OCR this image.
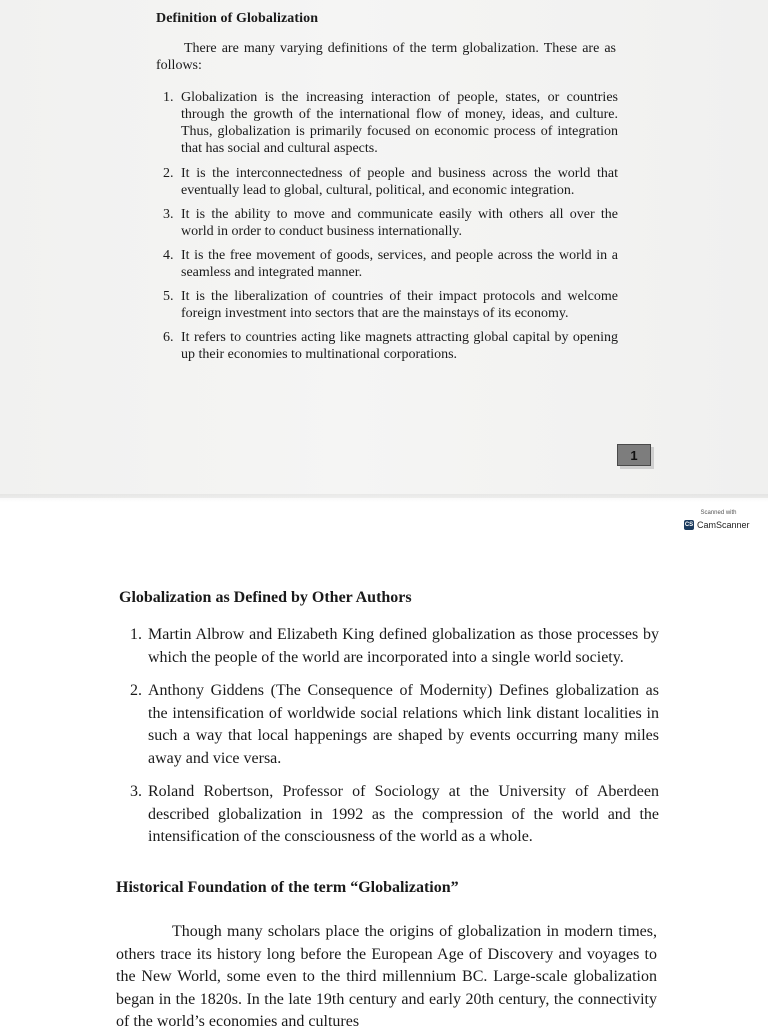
Definition of Globalization
There are many varying definitions of the term globalization. These are as follows:
1. Globalization is the increasing interaction of people, states, or countries through the growth of the international flow of money, ideas, and culture. Thus, globalization is primarily focused on economic process of integration that has social and cultural aspects.
2. It is the interconnectedness of people and business across the world that eventually lead to global, cultural, political, and economic integration.
3. It is the ability to move and communicate easily with others all over the world in order to conduct business internationally.
4. It is the free movement of goods, services, and people across the world in a seamless and integrated manner.
5. It is the liberalization of countries of their impact protocols and welcome foreign investment into sectors that are the mainstays of its economy.
6. It refers to countries acting like magnets attracting global capital by opening up their economies to multinational corporations.
1
Scanned with
CS CamScanner
Globalization as Defined by Other Authors
1. Martin Albrow and Elizabeth King defined globalization as those processes by which the people of the world are incorporated into a single world society.
2. Anthony Giddens (The Consequence of Modernity) Defines globalization as the intensification of worldwide social relations which link distant localities in such a way that local happenings are shaped by events occurring many miles away and vice versa.
3. Roland Robertson, Professor of Sociology at the University of Aberdeen described globalization in 1992 as the compression of the world and the intensification of the consciousness of the world as a whole.
Historical Foundation of the term “Globalization”
Though many scholars place the origins of globalization in modern times, others trace its history long before the European Age of Discovery and voyages to the New World, some even to the third millennium BC. Large-scale globalization began in the 1820s. In the late 19th century and early 20th century, the connectivity of the world’s economies and cultures
